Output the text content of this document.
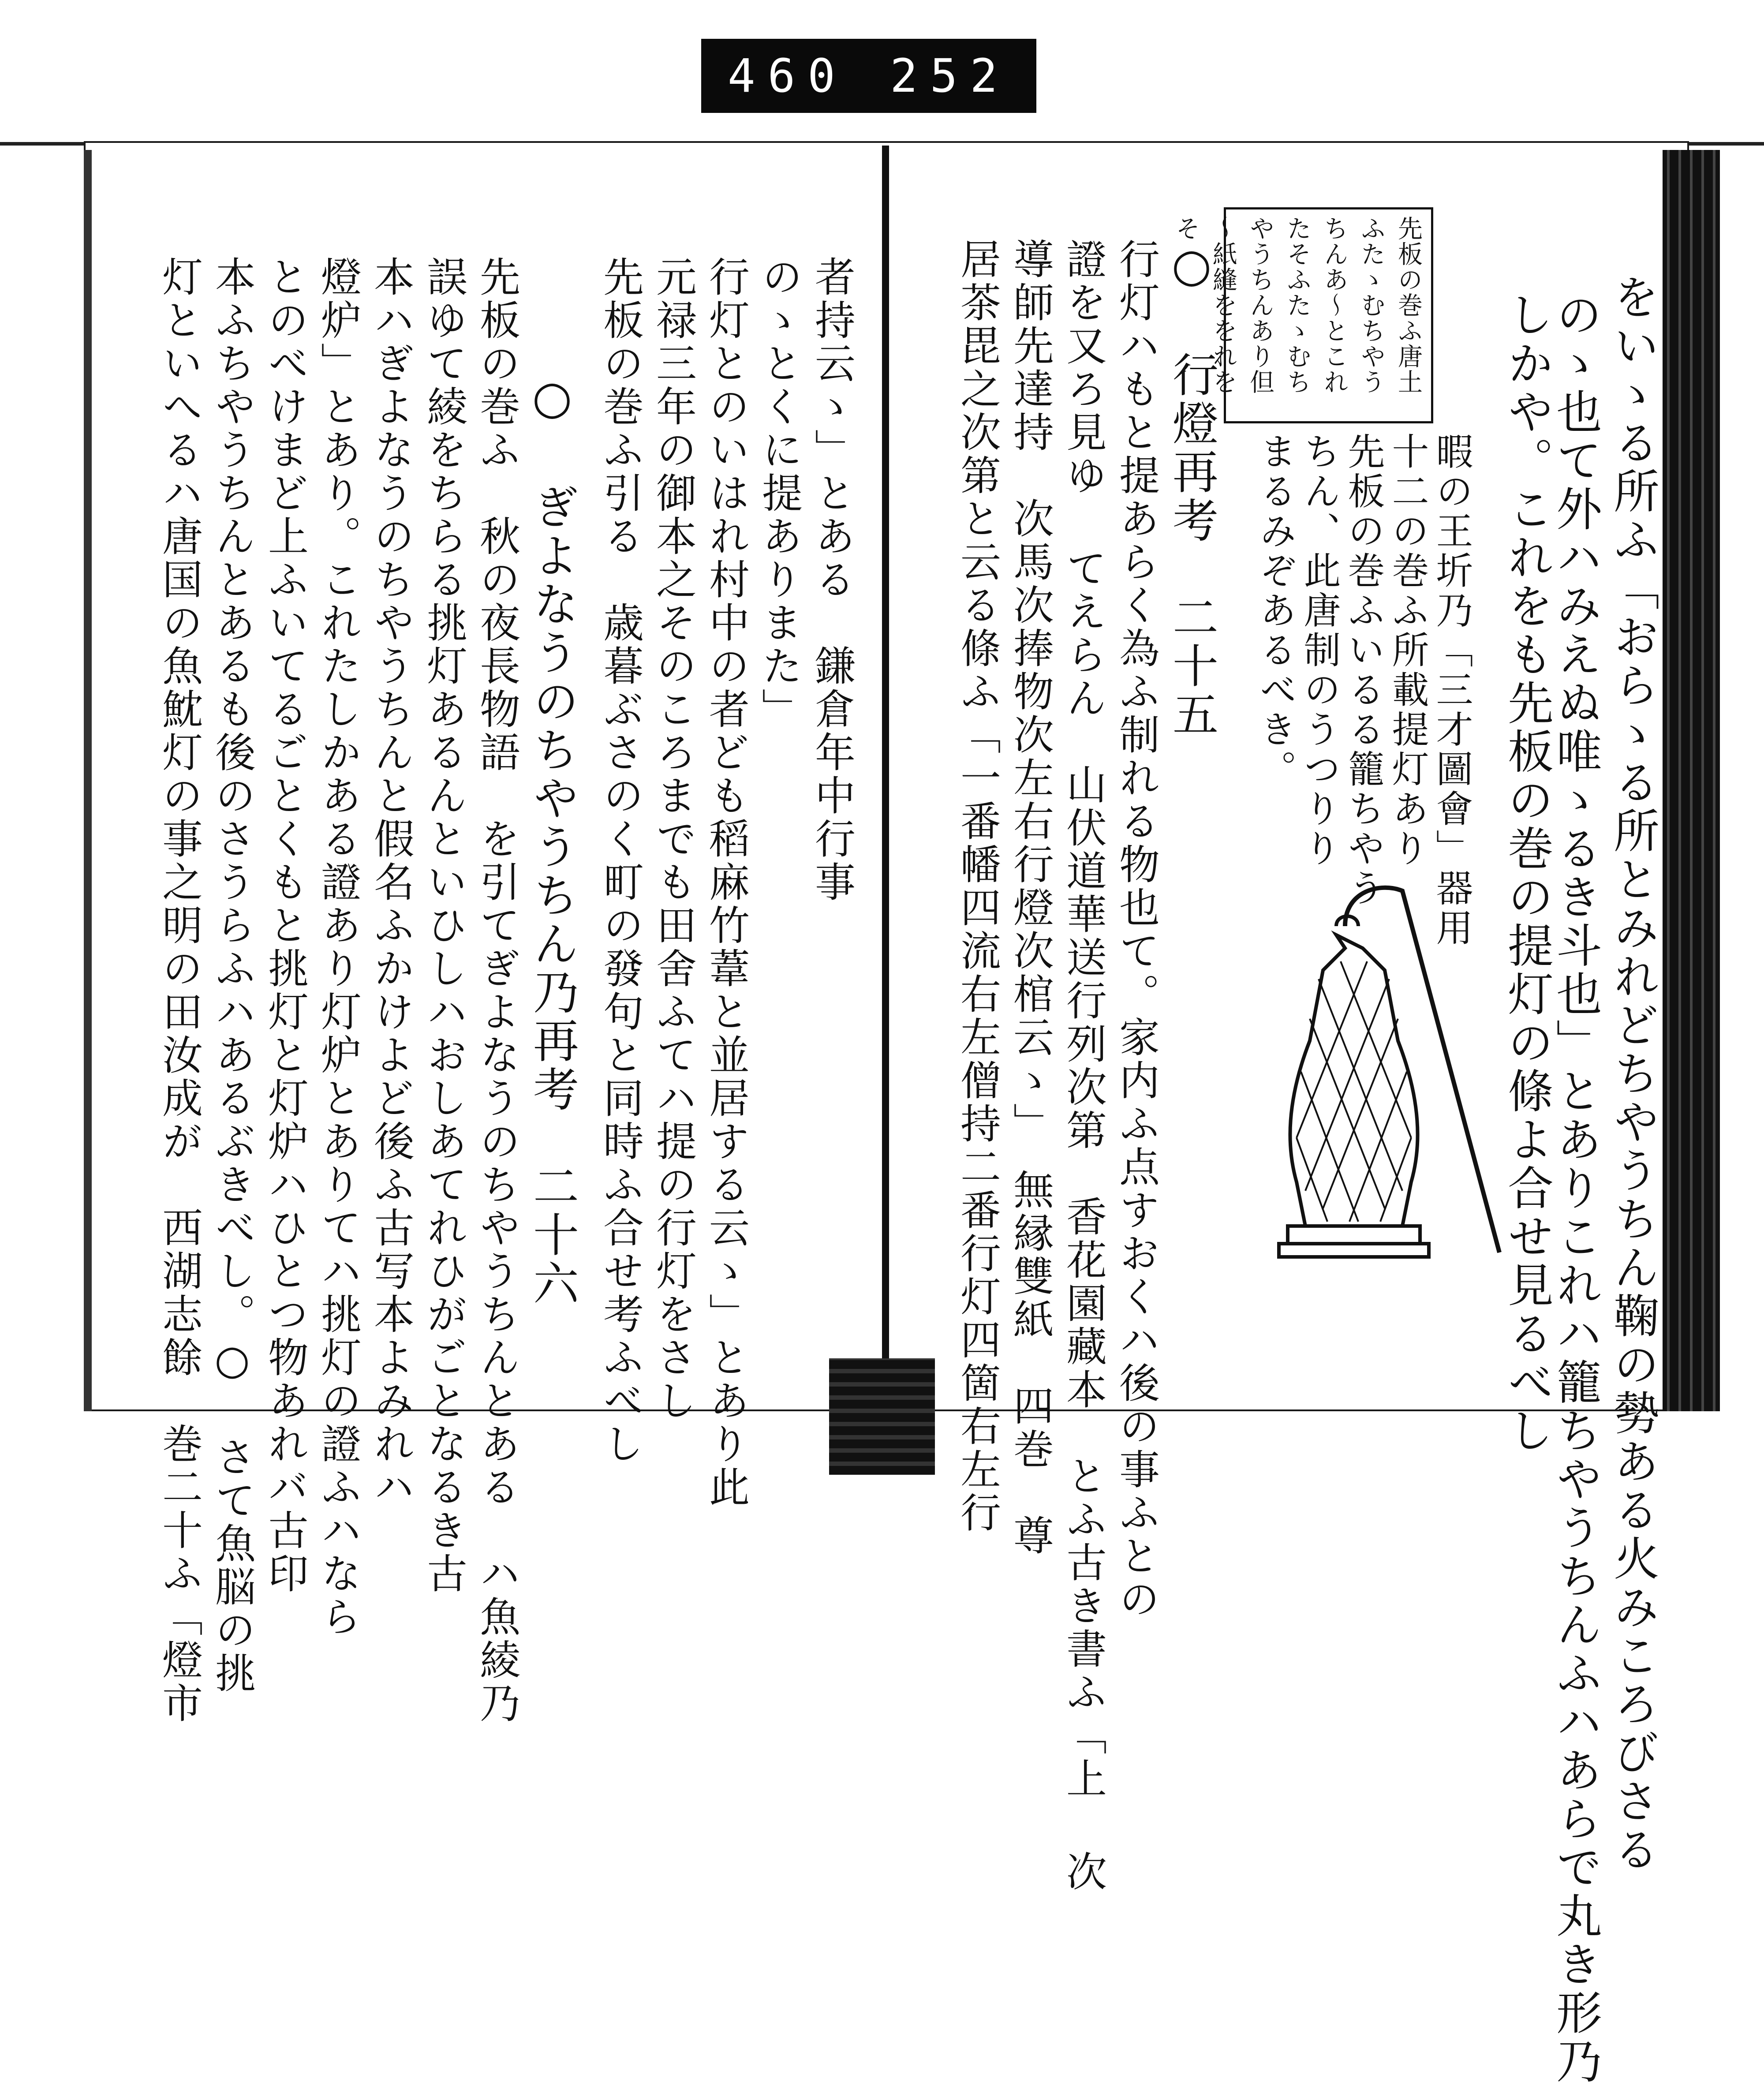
460 252
先板の巻ふ唐土ふたゝむちやうちんあ～とこれたそふたゝむちやうちんあり但～紙縫ををれをそ
をいゝる所ふ「おらゝる所とみれどちやうちん鞠の勢ある火みころびさる
のゝ也て外ハみえぬ唯ゝるき斗也」とありこれハ籠ちやうちんふハあらで丸き形乃
しかや。これをも先板の巻の提灯の條よ合せ見るべし
暇の王圻乃「三才圖會」器用
十二の巻ふ所載提灯あり
先板の巻ふいるる籠ちやう
ちん、此唐制のうつりり
まるみぞあるべき。
○ 行燈再考　二十五
行灯ハもと提あらく為ふ制れる物也て。家内ふ点すおくハ後の事ふとの
證を又ろ見ゆ てえらん　山伏道華送行列次第　香花園藏本　とふ古き書ふ「上 次
導師先達持　次馬次捧物次左右行燈次棺云ゝ」　無縁雙紙　四巻　尊
居茶毘之次第と云る條ふ「一番幡四流右左僧持二番行灯四箇右左行
者持云ゝ」とある　鎌倉年中行事
のゝとくに提ありまた」
行灯とのいはれ村中の者ども稻麻竹葦と並居する云ゝ」とあり此
元禄三年の御本之そのころまでも田舍ふてハ提の行灯をさし
先板の巻ふ引る　歳暮ぶさのく町の發句と同時ふ合せ考ふべし
○ ぎよなうのちやうちん乃再考　二十六
先板の巻ふ　秋の夜長物語　を引てぎよなうのちやうちんとある　ハ魚綾乃
誤ゆて綾をちらる挑灯あるんといひしハおしあてれひがごとなるき古
本ハぎよなうのちやうちんと假名ふかけよど後ふ古写本よみれハ
燈炉」とあり。これたしかある證あり灯炉とありてハ挑灯の證ふハなら
とのべけまど上ふいてるごとくもと挑灯と灯炉ハひとつ物あれバ古印
本ふちやうちんとあるも後のさうらふハあるぶきべし。○ さて魚脳の挑
灯といへるハ唐国の魚魫灯の事之明の田汝成が　西湖志餘　巻二十ふ「燈市
